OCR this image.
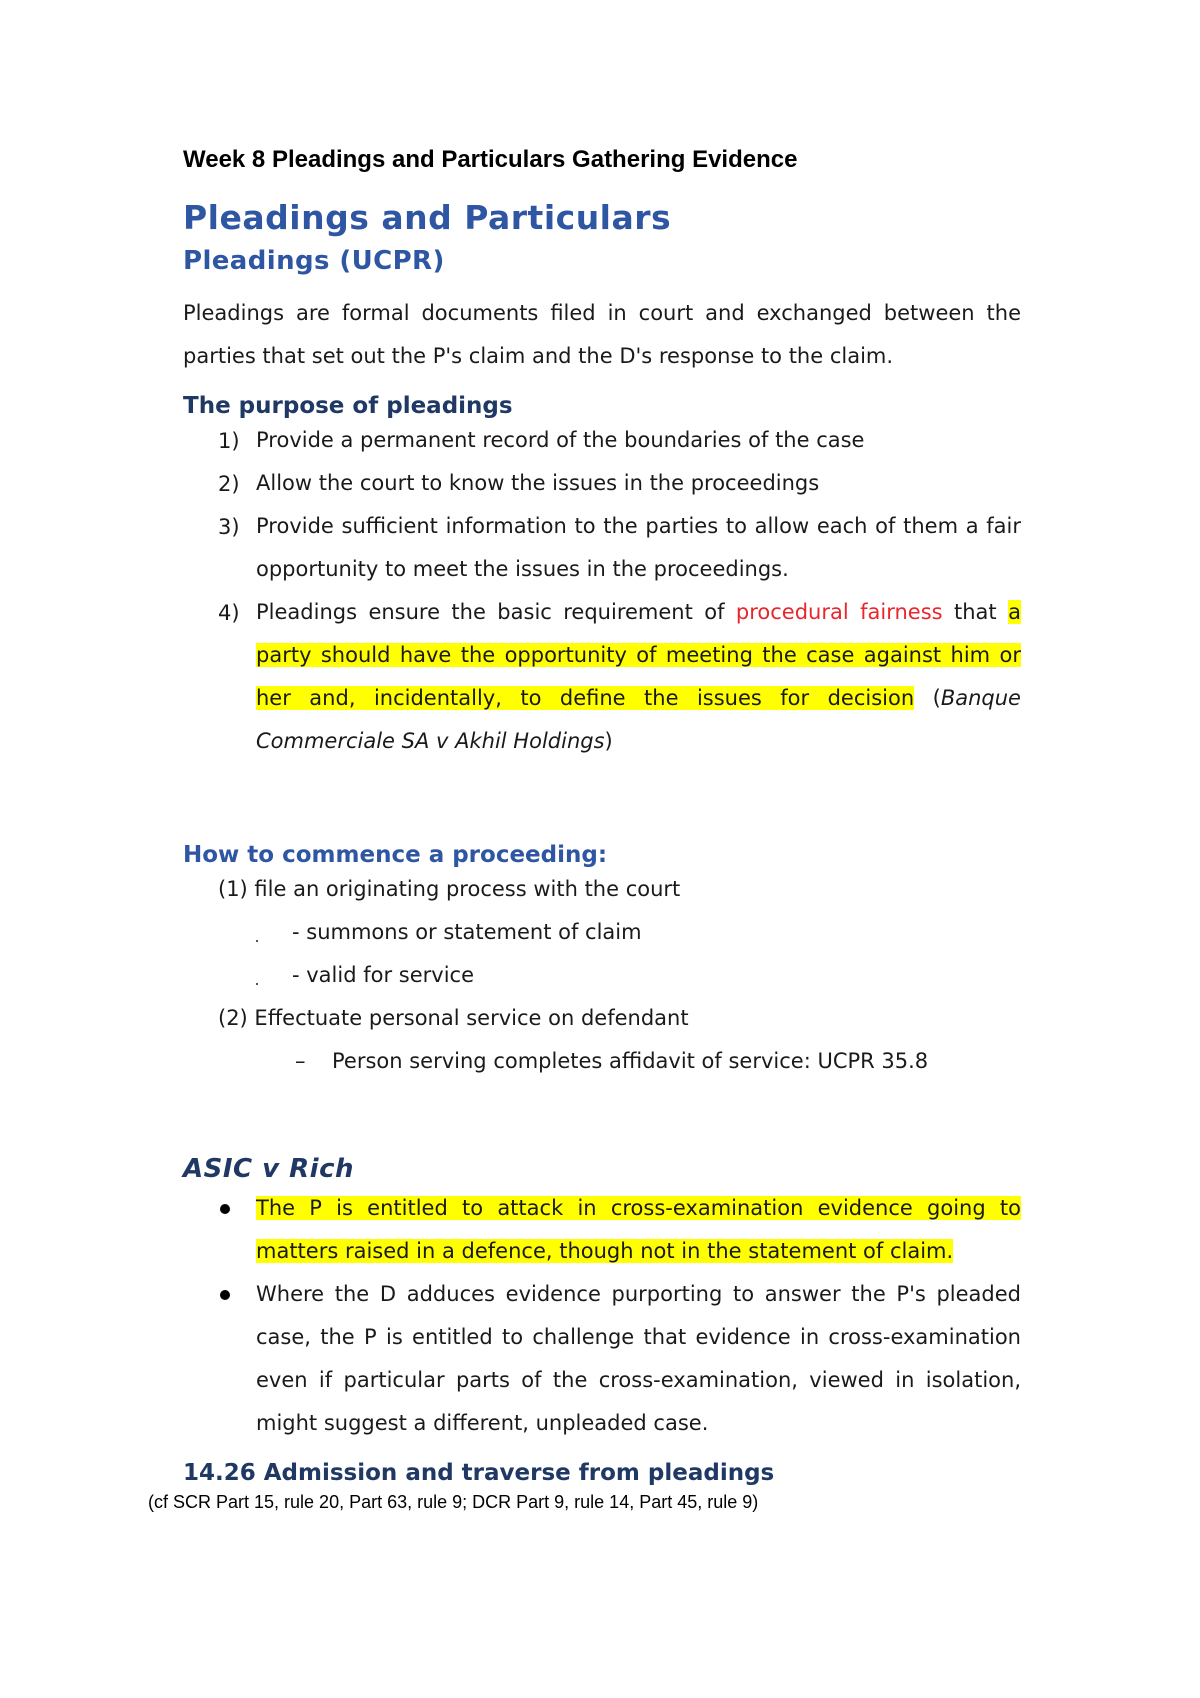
Week 8 Pleadings and Particulars Gathering Evidence
Pleadings and Particulars
Pleadings (UCPR)
Pleadings are formal documents filed in court and exchanged between the
parties that set out the P's claim and the D's response to the claim.
The purpose of pleadings
1) Provide a permanent record of the boundaries of the case
2) Allow the court to know the issues in the proceedings
3) Provide sufficient information to the parties to allow each of them a fair
opportunity to meet the issues in the proceedings.
4) Pleadings ensure the basic requirement of procedural fairness that a
party should have the opportunity of meeting the case against him or
her and, incidentally, to define the issues for decision (Banque
Commerciale SA v Akhil Holdings)
How to commence a proceeding:
(1) file an originating process with the court
- summons or statement of claim
- valid for service
(2) Effectuate personal service on defendant
– Person serving completes affidavit of service: UCPR 35.8
ASIC v Rich
The P is entitled to attack in cross-examination evidence going to
matters raised in a defence, though not in the statement of claim.
Where the D adduces evidence purporting to answer the P's pleaded
case, the P is entitled to challenge that evidence in cross-examination
even if particular parts of the cross-examination, viewed in isolation,
might suggest a different, unpleaded case.
14.26 Admission and traverse from pleadings
(cf SCR Part 15, rule 20, Part 63, rule 9; DCR Part 9, rule 14, Part 45, rule 9)
